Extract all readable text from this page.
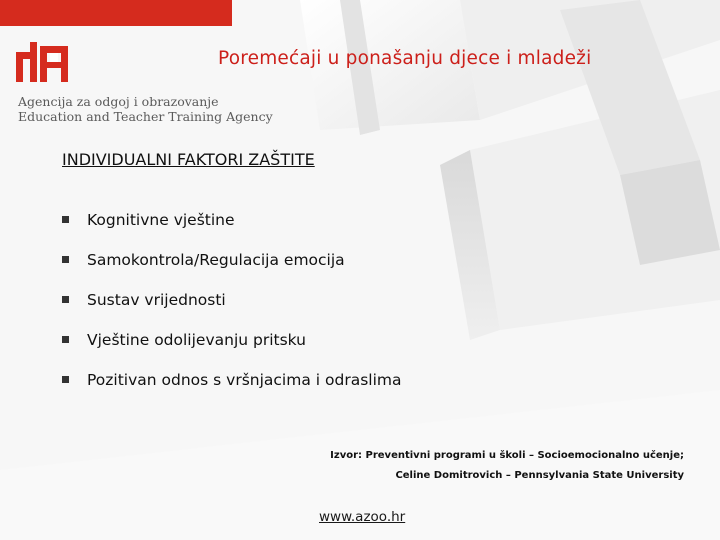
Agencija za odgoj i obrazovanje
Education and Teacher Training Agency
Poremećaji u ponašanju djece i mladeži
INDIVIDUALNI FAKTORI ZAŠTITE
Kognitivne vještine
Samokontrola/Regulacija emocija
Sustav vrijednosti
Vještine odolijevanju pritsku
Pozitivan odnos s vršnjacima i odraslima
Izvor: Preventivni programi u školi – Socioemocionalno učenje;
Celine Domitrovich – Pennsylvania State University
www.azoo.hr
